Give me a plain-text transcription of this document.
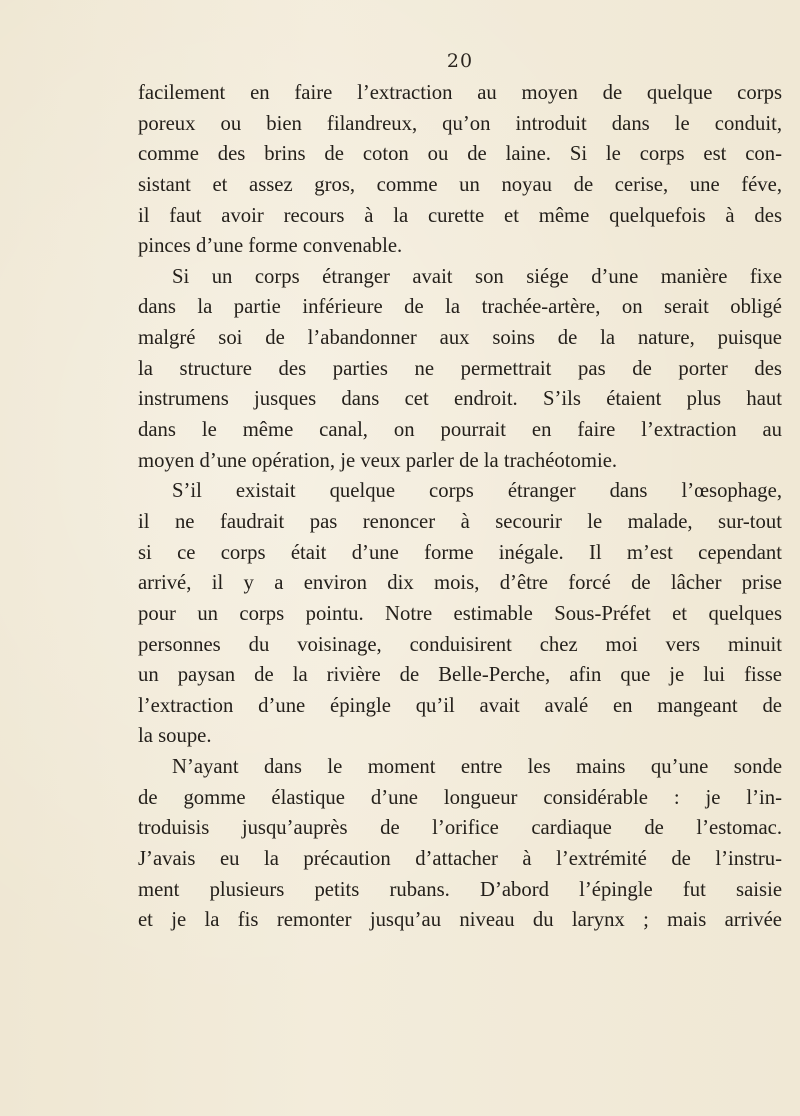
20
facilement en faire l’extraction au moyen de quelque corps
poreux ou bien filandreux, qu’on introduit dans le conduit,
comme des brins de coton ou de laine. Si le corps est con-
sistant et assez gros, comme un noyau de cerise, une féve,
il faut avoir recours à la curette et même quelquefois à des
pinces d’une forme convenable.
Si un corps étranger avait son siége d’une manière fixe
dans la partie inférieure de la trachée-artère, on serait obligé
malgré soi de l’abandonner aux soins de la nature, puisque
la structure des parties ne permettrait pas de porter des
instrumens jusques dans cet endroit. S’ils étaient plus haut
dans le même canal, on pourrait en faire l’extraction au
moyen d’une opération, je veux parler de la trachéotomie.
S’il existait quelque corps étranger dans l’œsophage,
il ne faudrait pas renoncer à secourir le malade, sur-tout
si ce corps était d’une forme inégale. Il m’est cependant
arrivé, il y a environ dix mois, d’être forcé de lâcher prise
pour un corps pointu. Notre estimable Sous-Préfet et quelques
personnes du voisinage, conduisirent chez moi vers minuit
un paysan de la rivière de Belle-Perche, afin que je lui fisse
l’extraction d’une épingle qu’il avait avalé en mangeant de
la soupe.
N’ayant dans le moment entre les mains qu’une sonde
de gomme élastique d’une longueur considérable : je l’in-
troduisis jusqu’auprès de l’orifice cardiaque de l’estomac.
J’avais eu la précaution d’attacher à l’extrémité de l’instru-
ment plusieurs petits rubans. D’abord l’épingle fut saisie
et je la fis remonter jusqu’au niveau du larynx ; mais arrivée
